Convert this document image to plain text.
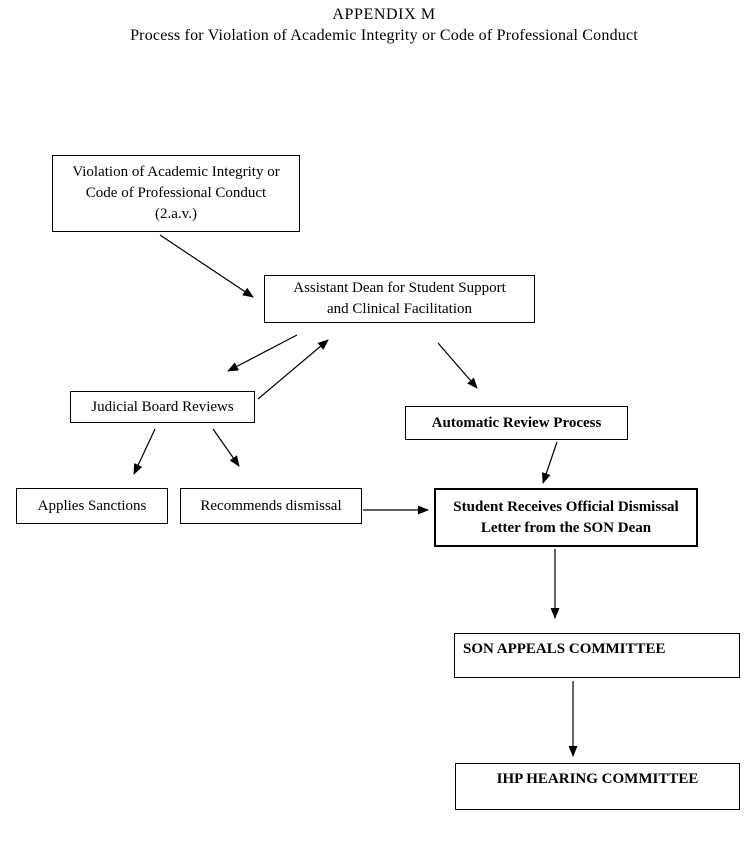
APPENDIX M
Process for Violation of Academic Integrity or Code of Professional Conduct
Violation of Academic Integrity or
Code of Professional Conduct
(2.a.v.)
Assistant Dean for Student Support
and Clinical Facilitation
Judicial Board Reviews
Automatic Review Process
Applies Sanctions	Recommends dismissal	Student Receives Official Dismissal
Letter from the SON Dean
SON APPEALS COMMITTEE
IHP HEARING COMMITTEE
